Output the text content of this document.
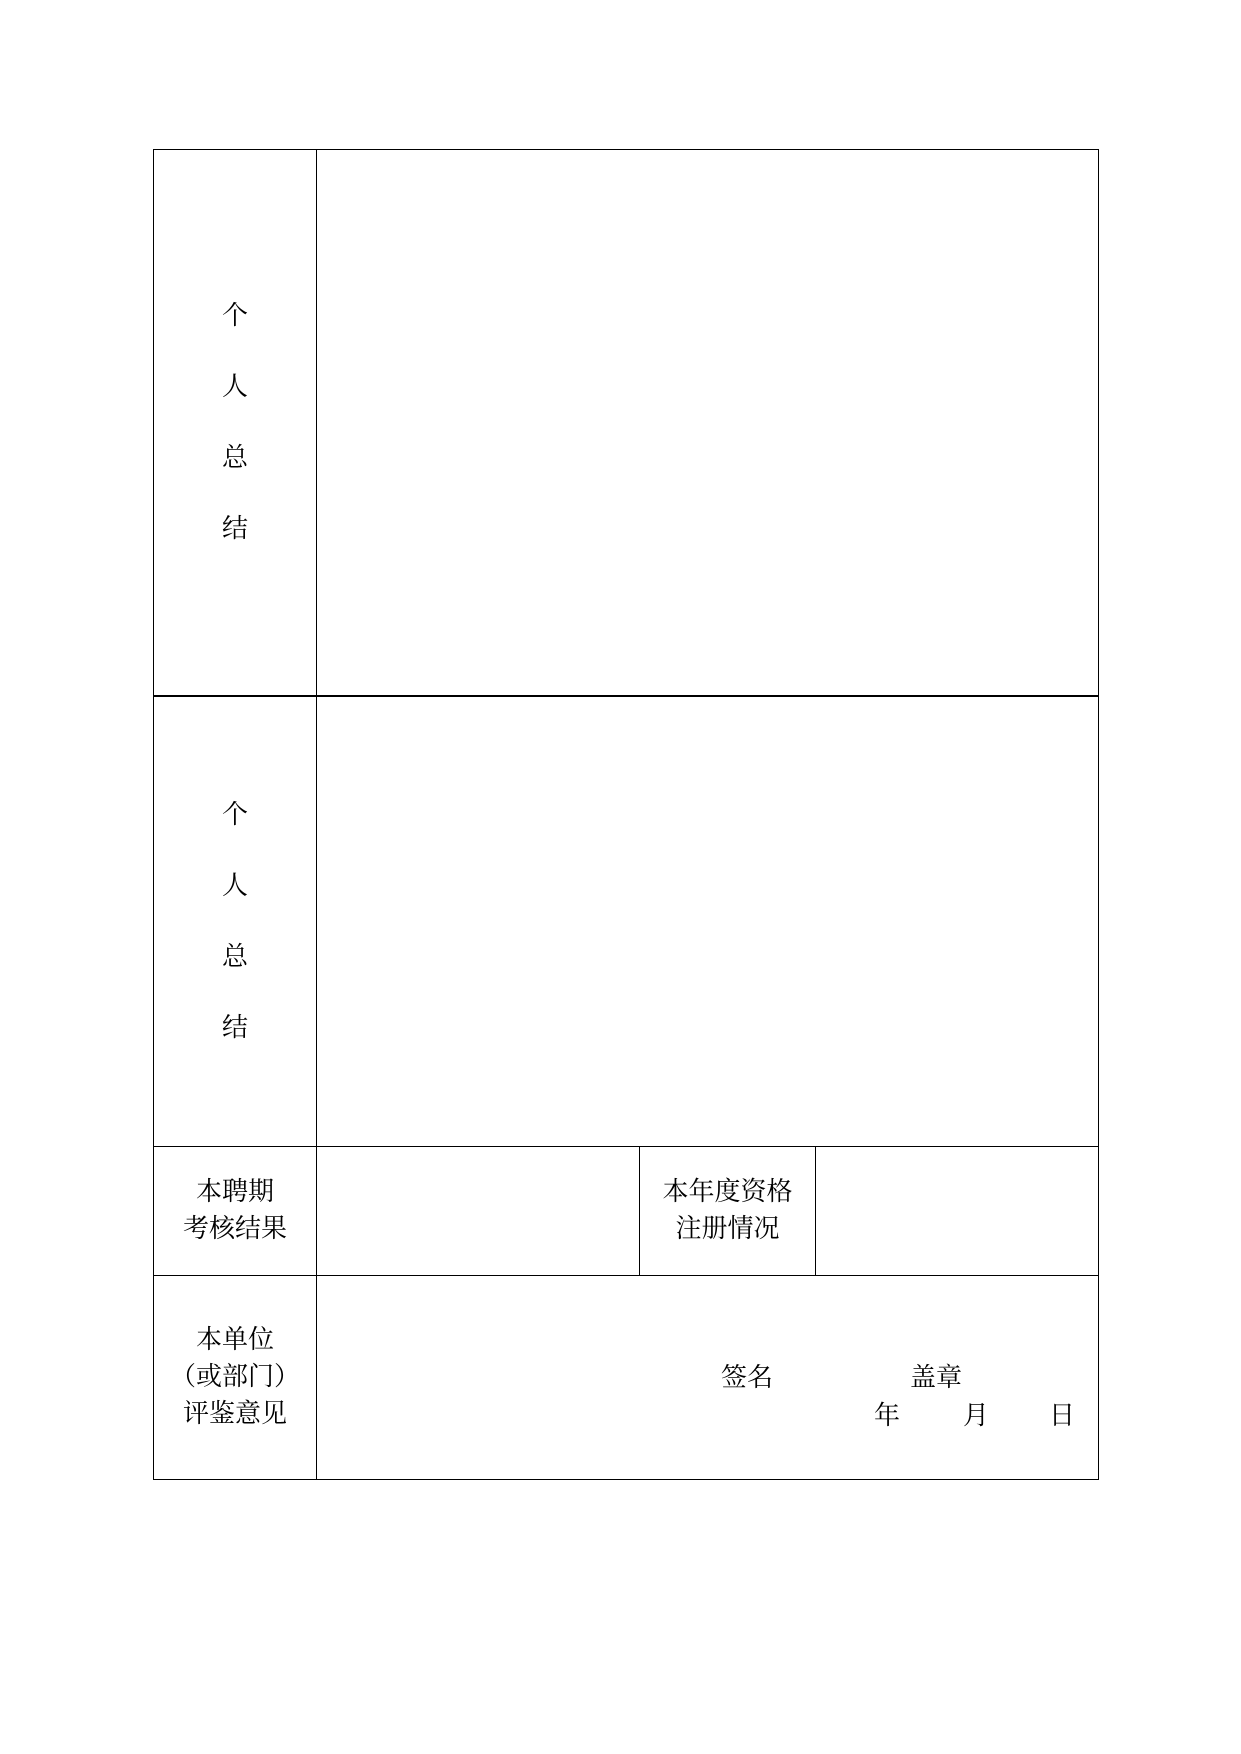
个
人
总
结
个
人
总
结
本聘期
考核结果
本年度资格
注册情况
本单位
（或部门）
评鉴意见
签名	盖章
年 月 日
